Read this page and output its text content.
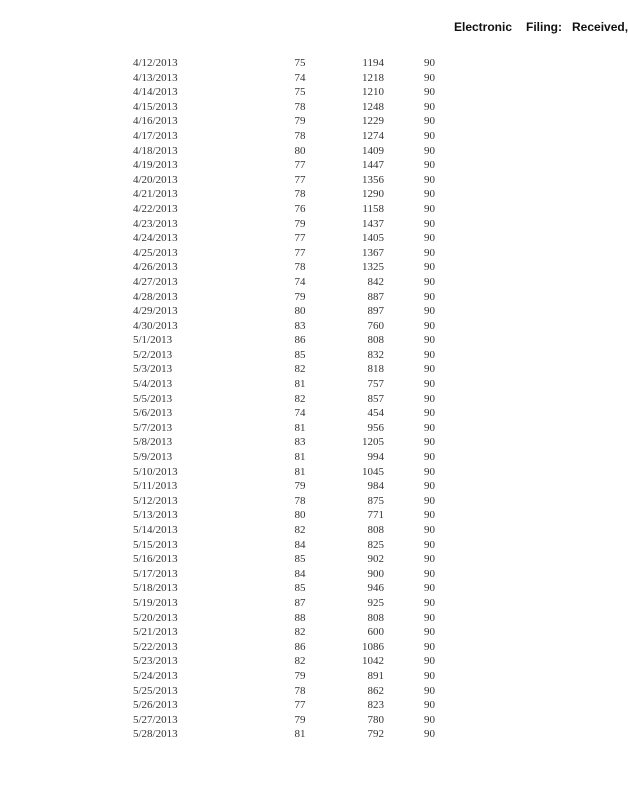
Electronic Filing: Received,
4/12/2013	75	1194	90
4/13/2013	74	1218	90
4/14/2013	75	1210	90
4/15/2013	78	1248	90
4/16/2013	79	1229	90
4/17/2013	78	1274	90
4/18/2013	80	1409	90
4/19/2013	77	1447	90
4/20/2013	77	1356	90
4/21/2013	78	1290	90
4/22/2013	76	1158	90
4/23/2013	79	1437	90
4/24/2013	77	1405	90
4/25/2013	77	1367	90
4/26/2013	78	1325	90
4/27/2013	74	842	90
4/28/2013	79	887	90
4/29/2013	80	897	90
4/30/2013	83	760	90
5/1/2013	86	808	90
5/2/2013	85	832	90
5/3/2013	82	818	90
5/4/2013	81	757	90
5/5/2013	82	857	90
5/6/2013	74	454	90
5/7/2013	81	956	90
5/8/2013	83	1205	90
5/9/2013	81	994	90
5/10/2013	81	1045	90
5/11/2013	79	984	90
5/12/2013	78	875	90
5/13/2013	80	771	90
5/14/2013	82	808	90
5/15/2013	84	825	90
5/16/2013	85	902	90
5/17/2013	84	900	90
5/18/2013	85	946	90
5/19/2013	87	925	90
5/20/2013	88	808	90
5/21/2013	82	600	90
5/22/2013	86	1086	90
5/23/2013	82	1042	90
5/24/2013	79	891	90
5/25/2013	78	862	90
5/26/2013	77	823	90
5/27/2013	79	780	90
5/28/2013	81	792	90
